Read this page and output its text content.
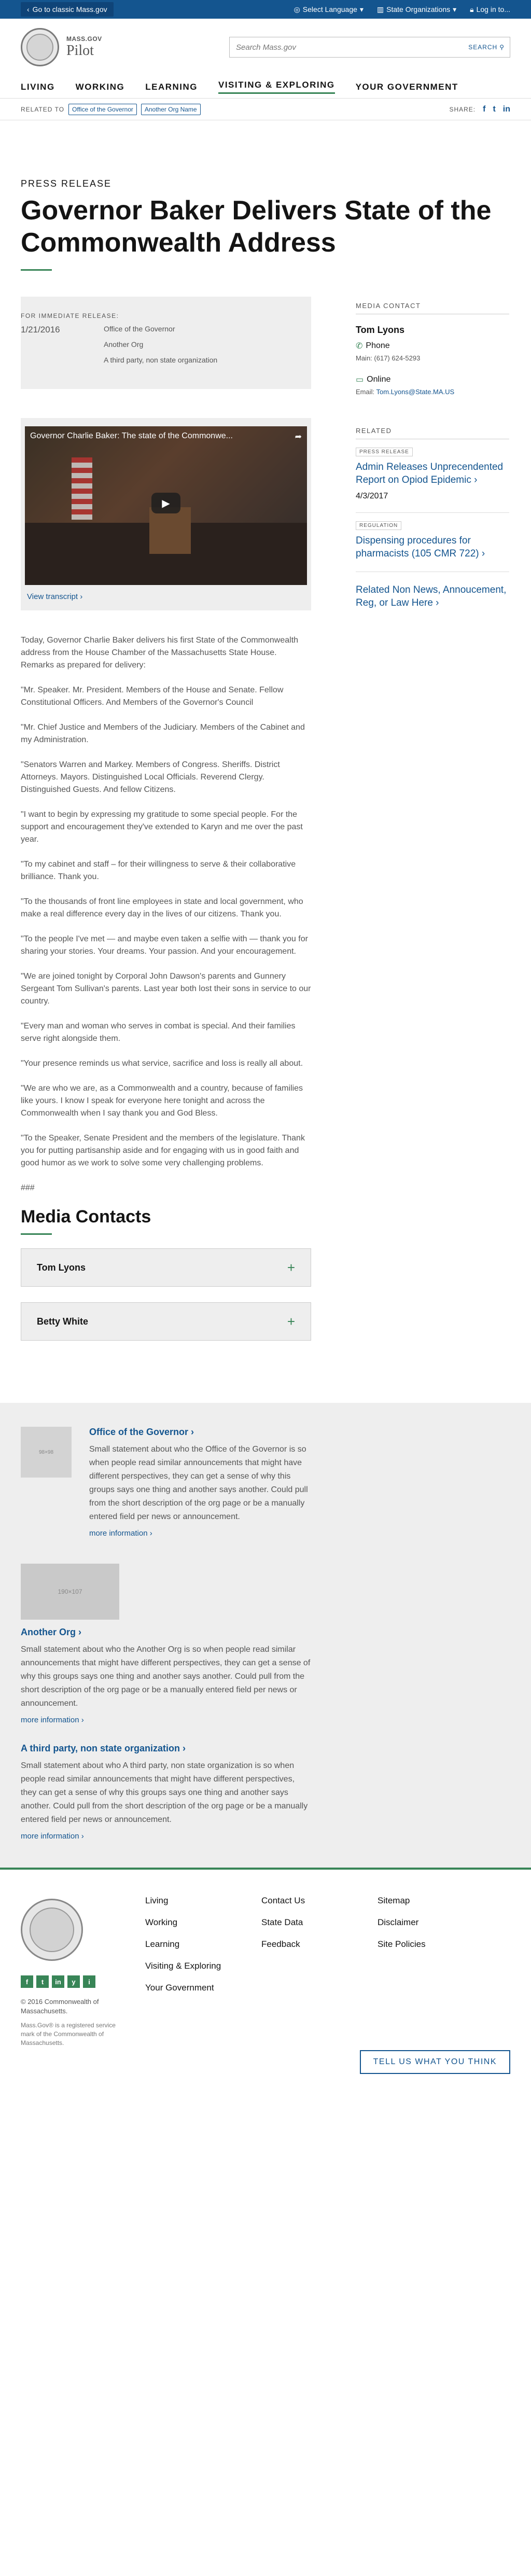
‹ Go to classic Mass.gov	◎ Select Language ▾ ▥ State Organizations ▾ 🔒︎ Log in to...
MASS.GOV
Pilot	Search Mass.gov	SEARCH ⚲
LIVING WORKING LEARNING VISITING & EXPLORING YOUR GOVERNMENT
RELATED TO	Office of the Governor	Another Org Name	SHARE: f t in
PRESS RELEASE
Governor Baker Delivers State of the Commonwealth Address
FOR IMMEDIATE RELEASE:
1/21/2016	Office of the Governor
Another Org
A third party, non state organization
Governor Charlie Baker: The state of the Commonwe...	➦
▶
View transcript ›

Today, Governor Charlie Baker delivers his first State of the Commonwealth address from the House Chamber of the Massachusetts State House. Remarks as prepared for delivery:

"Mr. Speaker. Mr. President. Members of the House and Senate. Fellow Constitutional Officers. And Members of the Governor's Council

"Mr. Chief Justice and Members of the Judiciary. Members of the Cabinet and my Administration.

"Senators Warren and Markey. Members of Congress. Sheriffs. District Attorneys. Mayors. Distinguished Local Officials. Reverend Clergy. Distinguished Guests. And fellow Citizens.

"I want to begin by expressing my gratitude to some special people. For the support and encouragement they've extended to Karyn and me over the past year.

"To my cabinet and staff – for their willingness to serve & their collaborative brilliance. Thank you.

"To the thousands of front line employees in state and local government, who make a real difference every day in the lives of our citizens. Thank you.

"To the people I've met — and maybe even taken a selfie with — thank you for sharing your stories. Your dreams. Your passion. And your encouragement.

"We are joined tonight by Corporal John Dawson's parents and Gunnery Sergeant Tom Sullivan's parents. Last year both lost their sons in service to our country.

"Every man and woman who serves in combat is special. And their families serve right alongside them.

"Your presence reminds us what service, sacrifice and loss is really all about.

"We are who we are, as a Commonwealth and a country, because of families like yours. I know I speak for everyone here tonight and across the Commonwealth when I say thank you and God Bless.

"To the Speaker, Senate President and the members of the legislature. Thank you for putting partisanship aside and for engaging with us in good faith and good humor as we work to solve some very challenging problems.

###

Media Contacts
Tom Lyons	+
Betty White	+
MEDIA CONTACT
Tom Lyons
✆ Phone
Main: (617) 624-5293
▭ Online
Email: Tom.Lyons@State.MA.US
RELATED
PRESS RELEASE
Admin Releases Unprecendented Report on Opiod Epidemic ›
4/3/2017
REGULATION
Dispensing procedures for pharmacists (105 CMR 722) ›
Related Non News, Annoucement, Reg, or Law Here ›
98×98
Office of the Governor ›
Small statement about who the Office of the Governor is so when people read similar announcements that might have different perspectives, they can get a sense of why this groups says one thing and another says another. Could pull from the short description of the org page or be a manually entered field per news or announcement.
more information ›
190×107
Another Org ›
Small statement about who the Another Org is so when people read similar announcements that might have different perspectives, they can get a sense of why this groups says one thing and another says another. Could pull from the short description of the org page or be a manually entered field per news or announcement.
more information ›
A third party, non state organization ›
Small statement about who A third party, non state organization is so when people read similar announcements that might have different perspectives, they can get a sense of why this groups says one thing and another says another. Could pull from the short description of the org page or be a manually entered field per news or announcement.
more information ›
f	t	in	y	i
© 2016 Commonwealth of Massachusetts.
Mass.Gov® is a registered service mark of the Commonwealth of Massachusetts.
Living	Contact Us	Sitemap
Working	State Data	Disclaimer
Learning	Feedback	Site Policies
Visiting & Exploring
Your Government
TELL US WHAT YOU THINK
